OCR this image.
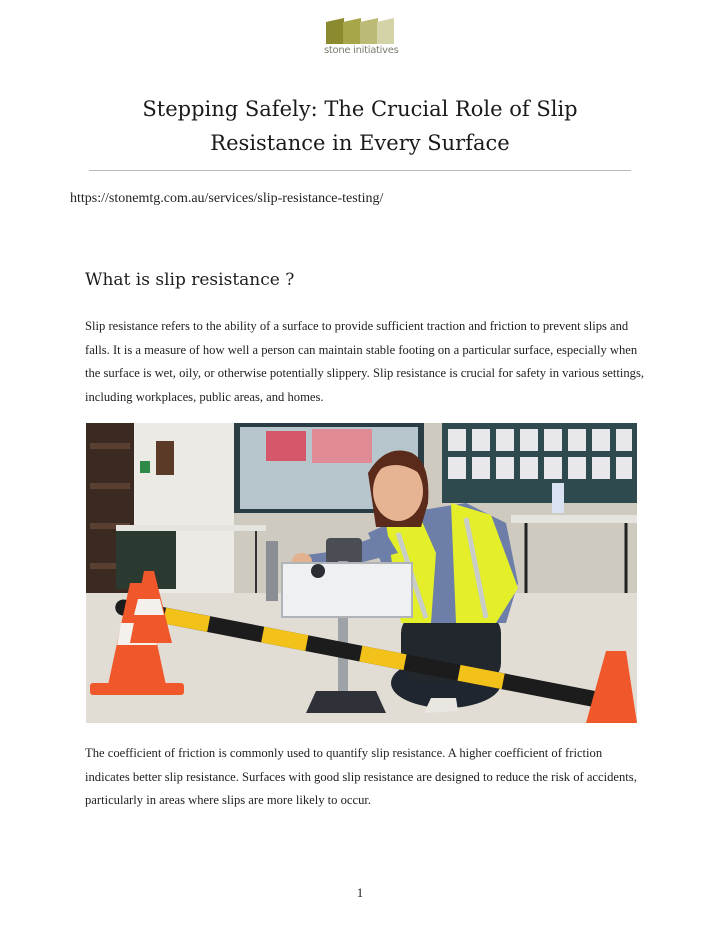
stone initiatives
Stepping Safely: The Crucial Role of Slip
Resistance in Every Surface
https://stonemtg.com.au/services/slip-resistance-testing/
What is slip resistance ?

Slip resistance refers to the ability of a surface to provide sufficient traction and friction to prevent slips and falls. It is a measure of how well a person can maintain stable footing on a particular surface, especially when the surface is wet, oily, or otherwise potentially slippery. Slip resistance is crucial for safety in various settings, including workplaces, public areas, and homes.

The coefficient of friction is commonly used to quantify slip resistance. A higher coefficient of friction indicates better slip resistance. Surfaces with good slip resistance are designed to reduce the risk of accidents, particularly in areas where slips are more likely to occur.

1
